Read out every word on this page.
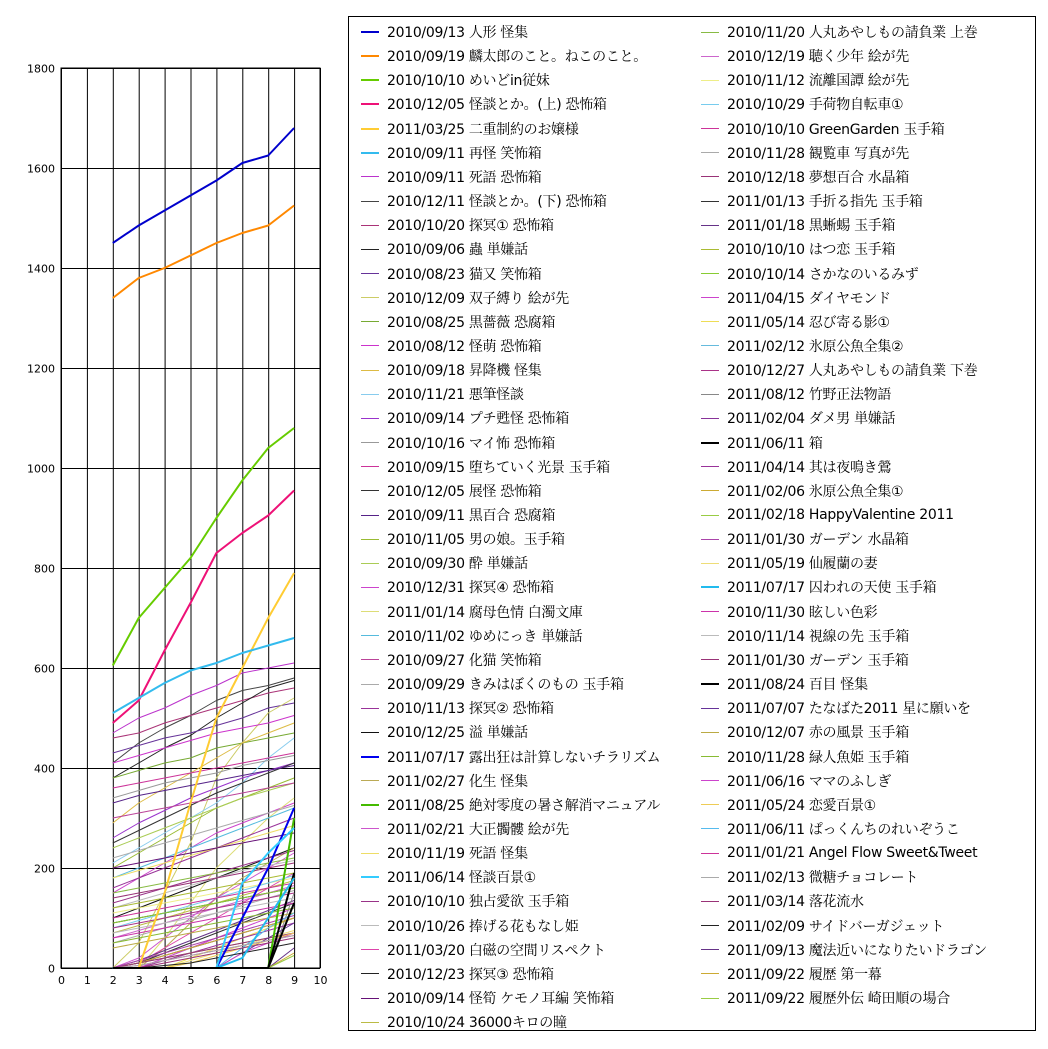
0 1 2 3 4 5 6 7 8 9 10
0
200
400
600
800
1000
1200
1400
1600
1800
2010/09/13 人形 怪集
2010/09/19 麟太郎のこと。ねこのこと。
2010/10/10 めいどin従妹
2010/12/05 怪談とか。(上) 恐怖箱
2011/03/25 二重制約のお嬢様
2010/09/11 再怪 笑怖箱
2010/09/11 死語 恐怖箱
2010/12/11 怪談とか。(下) 恐怖箱
2010/10/20 探冥① 恐怖箱
2010/09/06 蟲 単嫌話
2010/08/23 猫又 笑怖箱
2010/12/09 双子縛り 絵が先
2010/08/25 黒薔薇 恐腐箱
2010/08/12 怪萌 恐怖箱
2010/09/18 昇降機 怪集
2010/11/21 悪筆怪談
2010/09/14 プチ甦怪 恐怖箱
2010/10/16 マイ怖 恐怖箱
2010/09/15 堕ちていく光景 玉手箱
2010/12/05 展怪 恐怖箱
2010/09/11 黒百合 恐腐箱
2010/11/05 男の娘。玉手箱
2010/09/30 酔 単嫌話
2010/12/31 探冥④ 恐怖箱
2011/01/14 腐母色情 白濁文庫
2010/11/02 ゆめにっき 単嫌話
2010/09/27 化猫 笑怖箱
2010/09/29 きみはぼくのもの 玉手箱
2010/11/13 探冥② 恐怖箱
2010/12/25 溢 単嫌話
2011/07/17 露出狂は計算しないチラリズム
2011/02/27 化生 怪集
2011/08/25 絶対零度の暑さ解消マニュアル
2011/02/21 大正髑髏 絵が先
2010/11/19 死語 怪集
2011/06/14 怪談百景①
2010/10/10 独占愛欲 玉手箱
2010/10/26 捧げる花もなし姫
2011/03/20 白磁の空間リスペクト
2010/12/23 探冥③ 恐怖箱
2010/09/14 怪筍 ケモノ耳編 笑怖箱
2010/10/24 36000キロの瞳
2010/11/20 人丸あやしもの請負業 上巻
2010/12/19 聴く少年 絵が先
2010/11/12 流離国譚 絵が先
2010/10/29 手荷物自転車①
2010/10/10 GreenGarden 玉手箱
2010/11/28 観覧車 写真が先
2010/12/18 夢想百合 水晶箱
2011/01/13 手折る指先 玉手箱
2011/01/18 黒蜥蜴 玉手箱
2010/10/10 はつ恋 玉手箱
2010/10/14 さかなのいるみず
2011/04/15 ダイヤモンド
2011/05/14 忍び寄る影①
2011/02/12 氷原公魚全集②
2010/12/27 人丸あやしもの請負業 下巻
2011/08/12 竹野正法物語
2011/02/04 ダメ男 単嫌話
2011/06/11 箱
2011/04/14 其は夜鳴き鶯
2011/02/06 氷原公魚全集①
2011/02/18 HappyValentine 2011
2011/01/30 ガーデン 水晶箱
2011/05/19 仙履蘭の妻
2011/07/17 囚われの天使 玉手箱
2010/11/30 眩しい色彩
2010/11/14 視線の先 玉手箱
2011/01/30 ガーデン 玉手箱
2011/08/24 百目 怪集
2011/07/07 たなばた2011 星に願いを
2010/12/07 赤の風景 玉手箱
2010/11/28 緑人魚姫 玉手箱
2011/06/16 ママのふしぎ
2011/05/24 恋愛百景①
2011/06/11 ぱっくんちのれいぞうこ
2011/01/21 Angel Flow Sweet&Tweet
2011/02/13 微糖チョコレート
2011/03/14 落花流水
2011/02/09 サイドバーガジェット
2011/09/13 魔法近いになりたいドラゴン
2011/09/22 履歴 第一幕
2011/09/22 履歴外伝 崎田順の場合
